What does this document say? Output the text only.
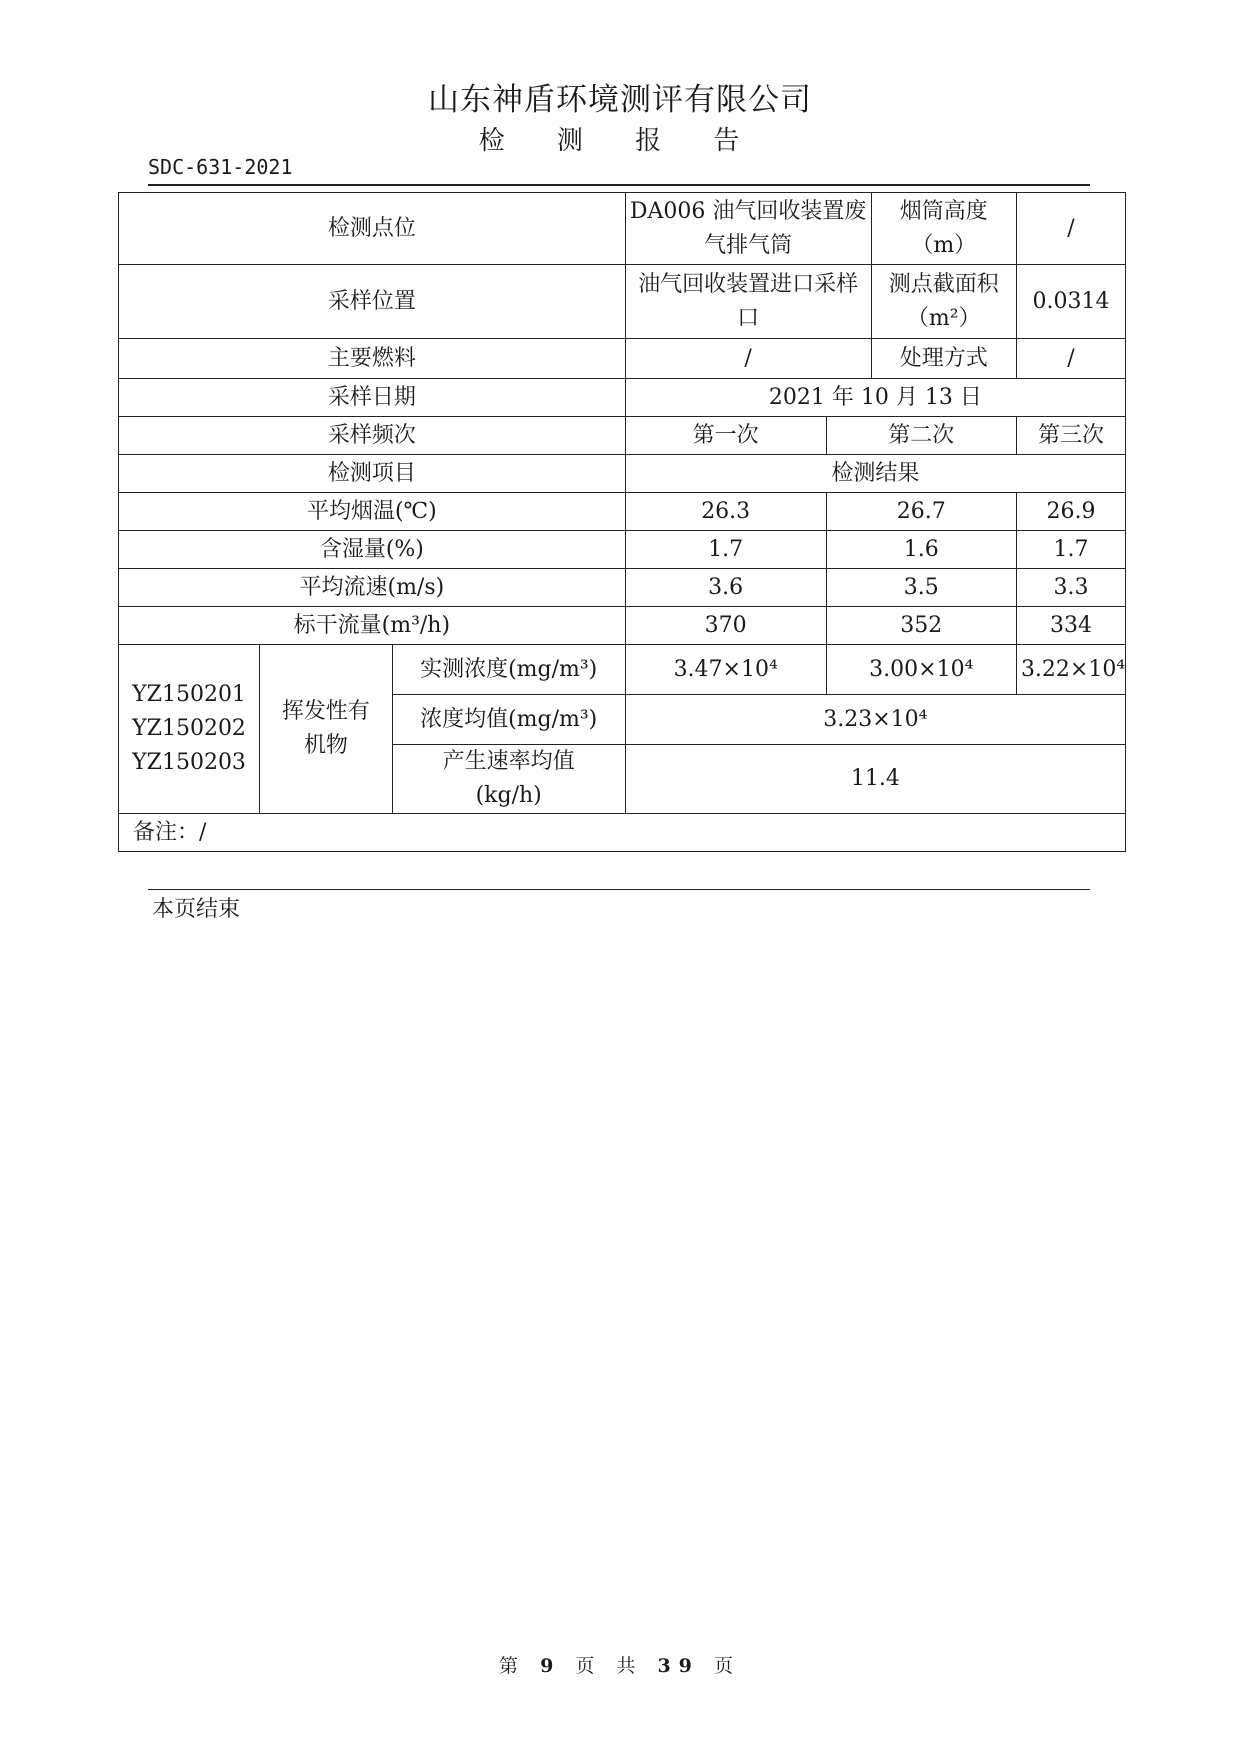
山东神盾环境测评有限公司
检 测 报 告
SDC-631-2021
检测点位			DA006 油气回收装置废气排气筒		烟筒高度（m）	/
采样位置			油气回收装置进口采样口		测点截面积（m²）	0.0314
主要燃料			/		处理方式	/
采样日期			2021 年 10 月 13 日			
采样频次			第一次	第二次		第三次
检测项目			检测结果			
平均烟温(℃)			26.3	26.7		26.9
含湿量(%)			1.7	1.6		1.7
平均流速(m/s)			3.6	3.5		3.3
标干流量(m³/h)			370	352		334

YZ150201
YZ150202
YZ150203	挥发性有机物	实测浓度(mg/m³)	3.47×10⁴	3.00×10⁴		3.22×10⁴
		浓度均值(mg/m³)	3.23×10⁴			
		产生速率均值(kg/h)	11.4			
备注：/						
本页结束
第 9 页 共 39 页
